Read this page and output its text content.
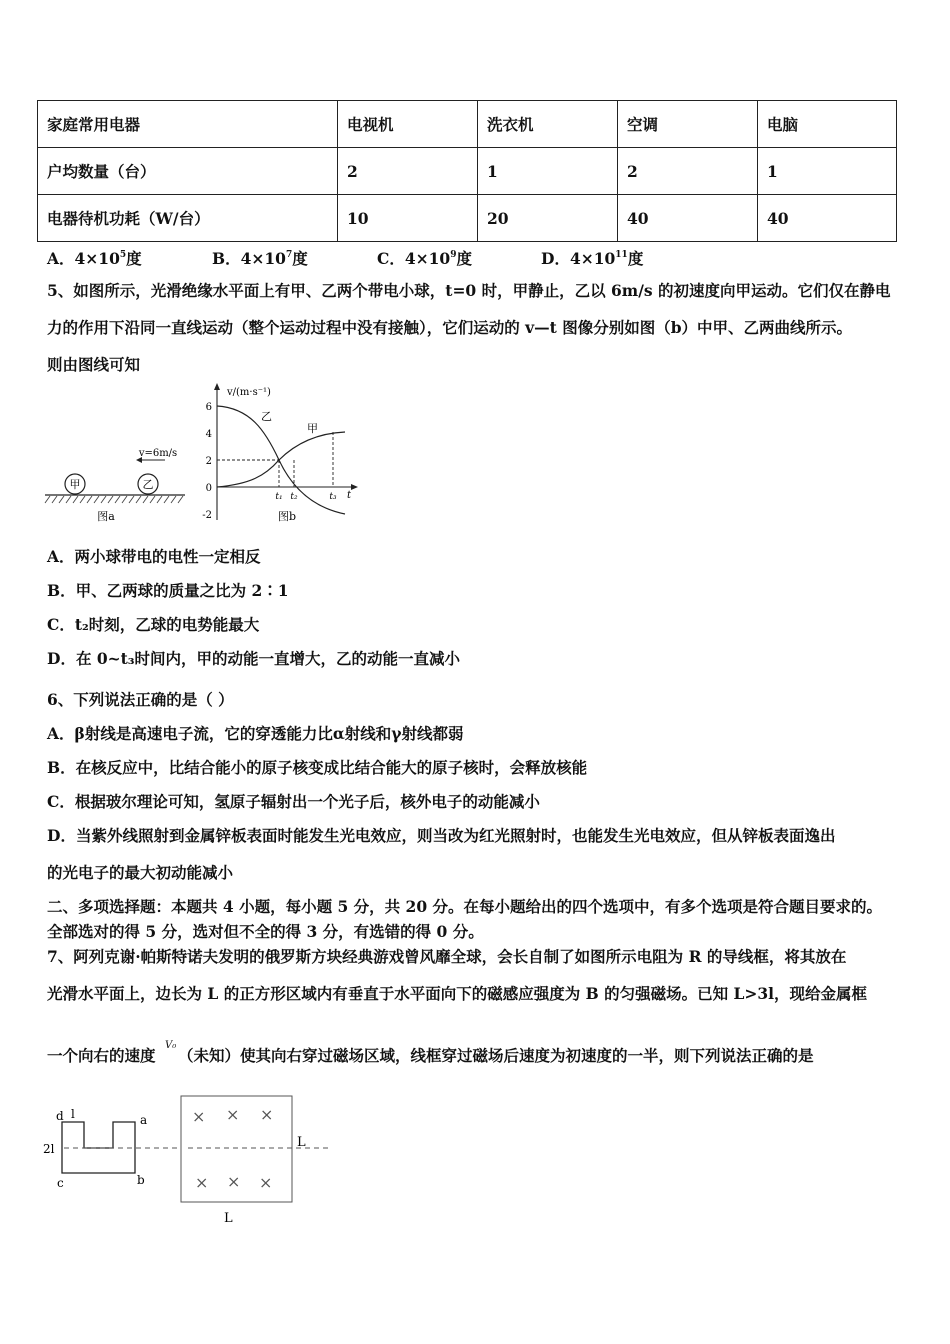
家庭常用电器	电视机	洗衣机	空调	电脑
户均数量（台）	2	1	2	1
电器待机功耗（W/台）	10	20	40	40
A．$4\times 10^5$度	B．$4\times 10^7$度	C．$4\times 10^9$度	D．$4\times 10^{11}$度
5、如图所示，光滑绝缘水平面上有甲、乙两个带电小球，t=0 时，甲静止，乙以 6m/s 的初速度向甲运动。它们仅在静电
力的作用下沿同一直线运动（整个运动过程中没有接触），它们运动的 v—t 图像分别如图（b）中甲、乙两曲线所示。
则由图线可知
甲	乙
v=6m/s
图a
v/(m·s⁻¹)
6
4
2
0
-2
乙
甲
t
t₁ t₂	t₃
图b
A．两小球带电的电性一定相反
B．甲、乙两球的质量之比为 2∶1
C．t₂时刻，乙球的电势能最大
D．在 0~t₃时间内，甲的动能一直增大，乙的动能一直减小
6、下列说法正确的是（ ）
A．β射线是高速电子流，它的穿透能力比α射线和γ射线都弱
B．在核反应中，比结合能小的原子核变成比结合能大的原子核时，会释放核能
C．根据玻尔理论可知，氢原子辐射出一个光子后，核外电子的动能减小
D．当紫外线照射到金属锌板表面时能发生光电效应，则当改为红光照射时，也能发生光电效应，但从锌板表面逸出
的光电子的最大初动能减小
二、多项选择题：本题共 4 小题，每小题 5 分，共 20 分。在每小题给出的四个选项中，有多个选项是符合题目要求的。
全部选对的得 5 分，选对但不全的得 3 分，有选错的得 0 分。
7、阿列克谢·帕斯特诺夫发明的俄罗斯方块经典游戏曾风靡全球，会长自制了如图所示电阻为 R 的导线框，将其放在
光滑水平面上，边长为 L 的正方形区域内有垂直于水平面向下的磁感应强度为 B 的匀强磁场。已知 L>3l，现给金属框
一个向右的速度
V₀
（未知）使其向右穿过磁场区域，线框穿过磁场后速度为初速度的一半，则下列说法正确的是
d l	a
2l
c	b
L
L
× × ×
× × ×
